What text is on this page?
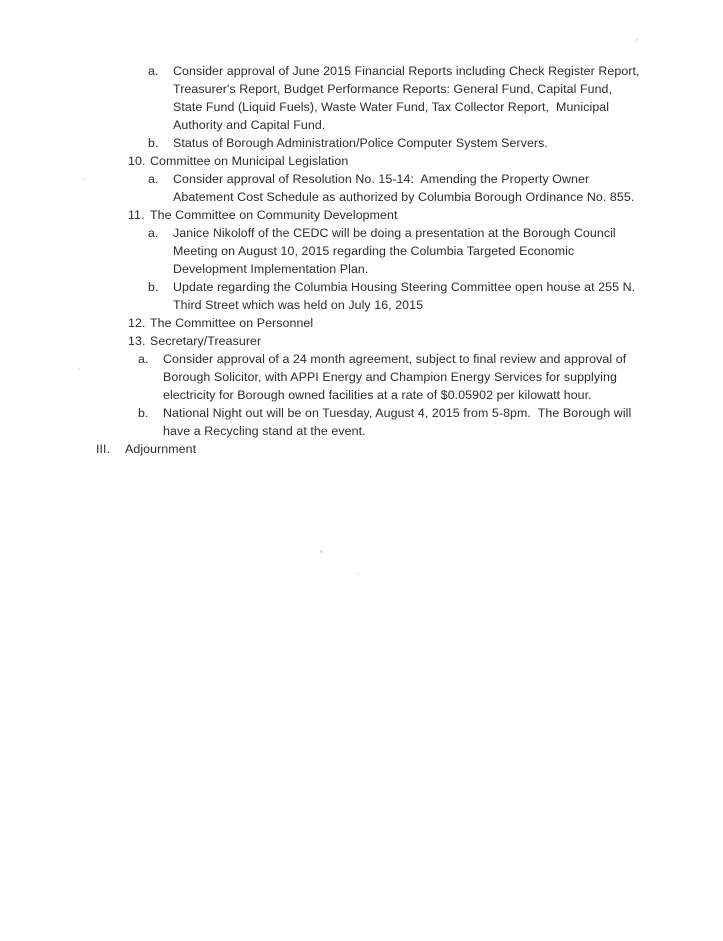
a.	Consider approval of June 2015 Financial Reports including Check Register Report, Treasurer's Report, Budget Performance Reports: General Fund, Capital Fund, State Fund (Liquid Fuels), Waste Water Fund, Tax Collector Report,  Municipal Authority and Capital Fund.
b.	Status of Borough Administration/Police Computer System Servers.
10. Committee on Municipal Legislation
a.	Consider approval of Resolution No. 15-14:  Amending the Property Owner Abatement Cost Schedule as authorized by Columbia Borough Ordinance No. 855.
11. The Committee on Community Development
a.	Janice Nikoloff of the CEDC will be doing a presentation at the Borough Council Meeting on August 10, 2015 regarding the Columbia Targeted Economic Development Implementation Plan.
b.	Update regarding the Columbia Housing Steering Committee open house at 255 N. Third Street which was held on July 16, 2015
12. The Committee on Personnel
13. Secretary/Treasurer
a.	Consider approval of a 24 month agreement, subject to final review and approval of Borough Solicitor, with APPI Energy and Champion Energy Services for supplying electricity for Borough owned facilities at a rate of $0.05902 per kilowatt hour.
b.	National Night out will be on Tuesday, August 4, 2015 from 5-8pm.  The Borough will have a Recycling stand at the event.
III.	Adjournment
